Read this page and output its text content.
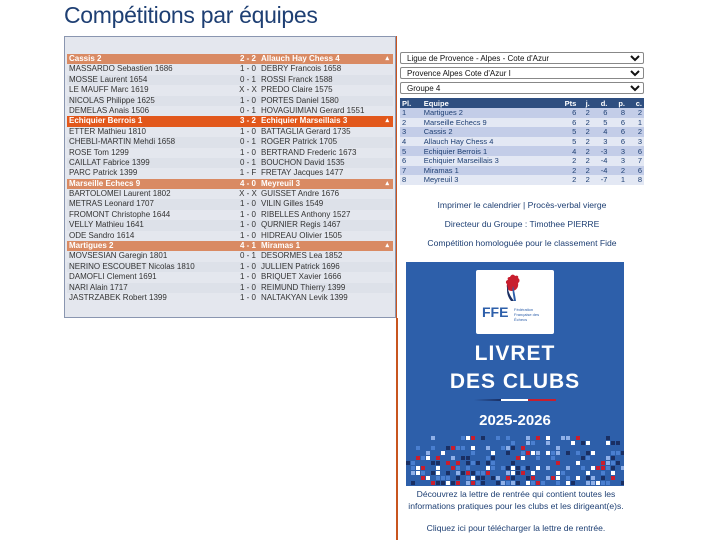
Compétitions par équipes
Cassis 2	2 - 2 Allauch Hay Chess 4	▴
MASSARDO Sebastien 1686	1 - 0 DEBRY Francois 1658
MOSSE Laurent 1654	0 - 1 ROSSI Franck 1588
LE MAUFF Marc 1619	X - X PREDO Claire 1575
NICOLAS Philippe 1625	1 - 0 PORTES Daniel 1580
DEMELAS Anais 1506	0 - 1 HOVAGUIMIAN Gerard 1551
Echiquier Berrois 1	3 - 2 Echiquier Marseillais 3	▴
ETTER Mathieu 1810	1 - 0 BATTAGLIA Gerard 1735
CHEBLI-MARTIN Mehdi 1658	0 - 1 ROGER Patrick 1705
ROSE Tom 1299	1 - 0 BERTRAND Frederic 1673
CAILLAT Fabrice 1399	0 - 1 BOUCHON David 1535
PARC Patrick 1399	1 - F FRETAY Jacques 1477
Marseille Echecs 9	4 - 0 Meyreuil 3	▴
BARTOLOMEI Laurent 1802	X - X GUISSET Andre 1676
METRAS Leonard 1707	1 - 0 VILIN Gilles 1549
FROMONT Christophe 1644	1 - 0 RIBELLES Anthony 1527
VELLY Mathieu 1641	1 - 0 QURNIER Regis 1467
ODE Sandro 1614	1 - 0 HIDREAU Olivier 1505
Martigues 2	4 - 1 Miramas 1	▴
MOVSESIAN Garegin 1801	0 - 1 DESORMES Lea 1852
NERINO ESCOUBET Nicolas 1810	1 - 0 JULLIEN Patrick 1696
DAMOFLI Clement 1691	1 - 0 BRIQUET Xavier 1666
NARI Alain 1717	1 - 0 REIMUND Thierry 1399
JASTRZABEK Robert 1399	1 - 0 NALTAKYAN Levik 1399
Ligue de Provence - Alpes - Cote d'Azur
Provence Alpes Cote d'Azur I
Groupe 4
Pl.	Equipe	Pts	j.	d.	p.	c.
1	Martigues 2	6	2	6	8	2
2	Marseille Echecs 9	6	2	5	6	1
3	Cassis 2	5	2	4	6	2
4	Allauch Hay Chess 4	5	2	3	6	3
5	Echiquier Berrois 1	4	2	-3	3	6
6	Echiquier Marseillais 3	2	2	-4	3	7
7	Miramas 1	2	2	-4	2	6
8	Meyreuil 3	2	2	-7	1	8
Imprimer le calendrier | Procès-verbal vierge
Directeur du Groupe : Timothee PIERRE
Compétition homologuée pour le classement Fide
FFE Fédération Française des Échecs
LIVRET
DES CLUBS
2025-2026
Découvrez la lettre de rentrée qui contient toutes les informations pratiques pour les clubs et les dirigeant(e)s.
Cliquez ici pour télécharger la lettre de rentrée.
